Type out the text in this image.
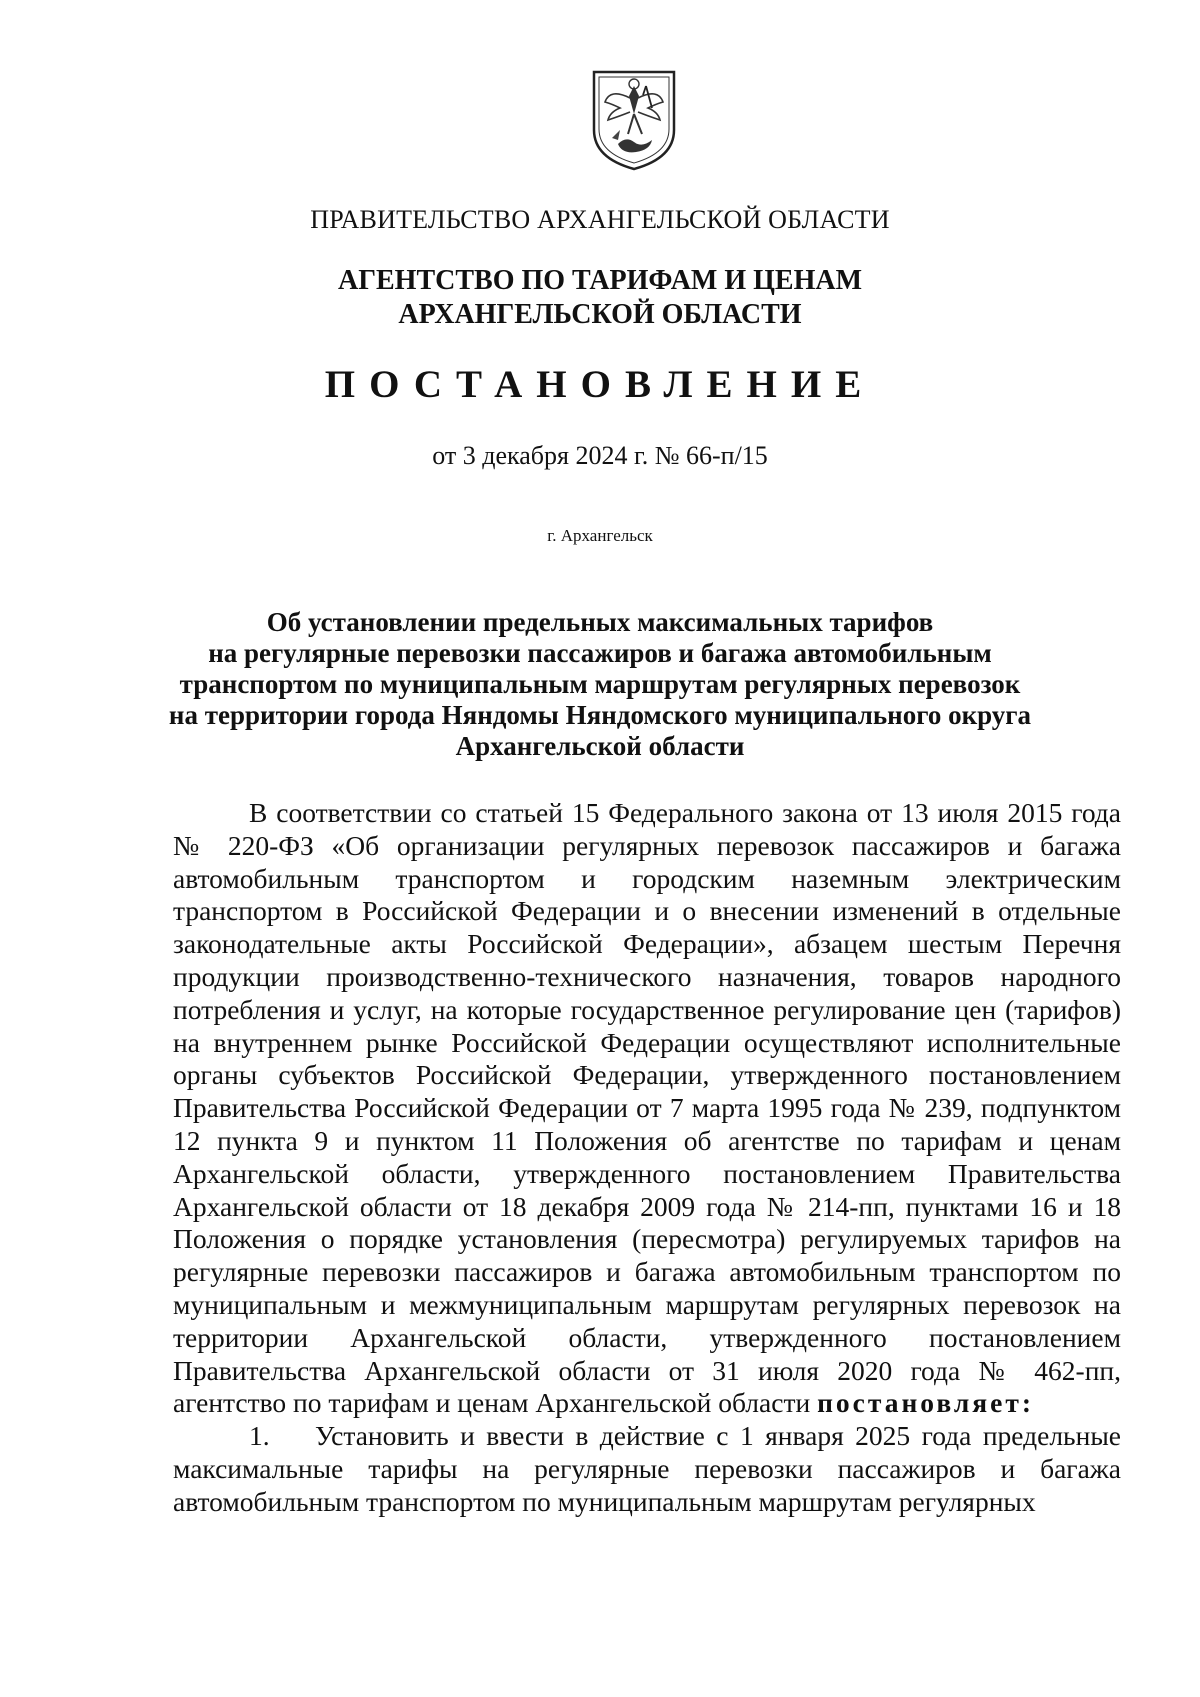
ПРАВИТЕЛЬСТВО АРХАНГЕЛЬСКОЙ ОБЛАСТИ
АГЕНТСТВО ПО ТАРИФАМ И ЦЕНАМ
АРХАНГЕЛЬСКОЙ ОБЛАСТИ
ПОСТАНОВЛЕНИЕ
от 3 декабря 2024 г. № 66-п/15
г. Архангельск
Об установлении предельных максимальных тарифов
на регулярные перевозки пассажиров и багажа автомобильным
транспортом по муниципальным маршрутам регулярных перевозок
на территории города Няндомы Няндомского муниципального округа
Архангельской области

В соответствии со статьей 15 Федерального закона от 13 июля 2015 года № 220-ФЗ «Об организации регулярных перевозок пассажиров и багажа автомобильным транспортом и городским наземным электрическим транспортом в Российской Федерации и о внесении изменений в отдельные законодательные акты Российской Федерации», абзацем шестым Перечня продукции производственно-технического назначения, товаров народного потребления и услуг, на которые государственное регулирование цен (тарифов) на внутреннем рынке Российской Федерации осуществляют исполнительные органы субъектов Российской Федерации, утвержденного постановлением Правительства Российской Федерации от 7 марта 1995 года № 239, подпунктом 12 пункта 9 и пунктом 11 Положения об агентстве по тарифам и ценам Архангельской области, утвержденного постановлением Правительства Архангельской области от 18 декабря 2009 года № 214-пп, пунктами 16 и 18 Положения о порядке установления (пересмотра) регулируемых тарифов на регулярные перевозки пассажиров и багажа автомобильным транспортом по муниципальным и межмуниципальным маршрутам регулярных перевозок на территории Архангельской области, утвержденного постановлением Правительства Архангельской области от 31 июля 2020 года № 462-пп, агентство по тарифам и ценам Архангельской области постановляет:

1. Установить и ввести в действие с 1 января 2025 года предельные максимальные тарифы на регулярные перевозки пассажиров и багажа автомобильным транспортом по муниципальным маршрутам регулярных
